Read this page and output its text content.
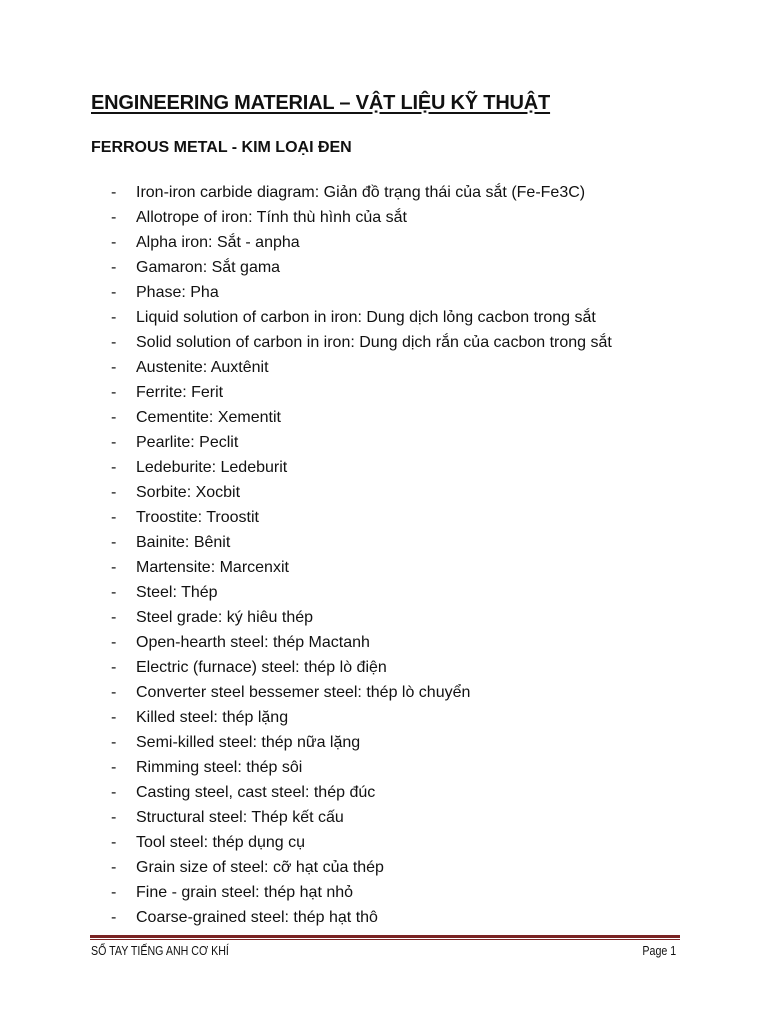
ENGINEERING MATERIAL – VẬT LIỆU KỸ THUẬT
FERROUS METAL - KIM LOẠI ĐEN
-	Iron-iron carbide diagram: Giản đồ trạng thái của sắt (Fe-Fe3C)
-	Allotrope of iron: Tính thù hình của sắt
-	Alpha iron: Sắt - anpha
-	Gamaron: Sắt gama
-	Phase: Pha
-	Liquid solution of carbon in iron: Dung dịch lỏng cacbon trong sắt
-	Solid solution of carbon in iron: Dung dịch rắn của cacbon trong sắt
-	Austenite: Auxtênit
-	Ferrite: Ferit
-	Cementite: Xementit
-	Pearlite: Peclit
-	Ledeburite: Ledeburit
-	Sorbite: Xocbit
-	Troostite: Troostit
-	Bainite: Bênit
-	Martensite: Marcenxit
-	Steel: Thép
-	Steel grade: ký hiêu thép
-	Open-hearth steel: thép Mactanh
-	Electric (furnace) steel: thép lò điện
-	Converter steel bessemer steel: thép lò chuyển
-	Killed steel: thép lặng
-	Semi-killed steel: thép nữa lặng
-	Rimming steel: thép sôi
-	Casting steel, cast steel: thép đúc
-	Structural steel: Thép kết cấu
-	Tool steel: thép dụng cụ
-	Grain size of steel: cỡ hạt của thép
-	Fine - grain steel: thép hạt nhỏ
-	Coarse-grained steel: thép hạt thô
SỔ TAY TIẾNG ANH CƠ KHÍ	Page 1
